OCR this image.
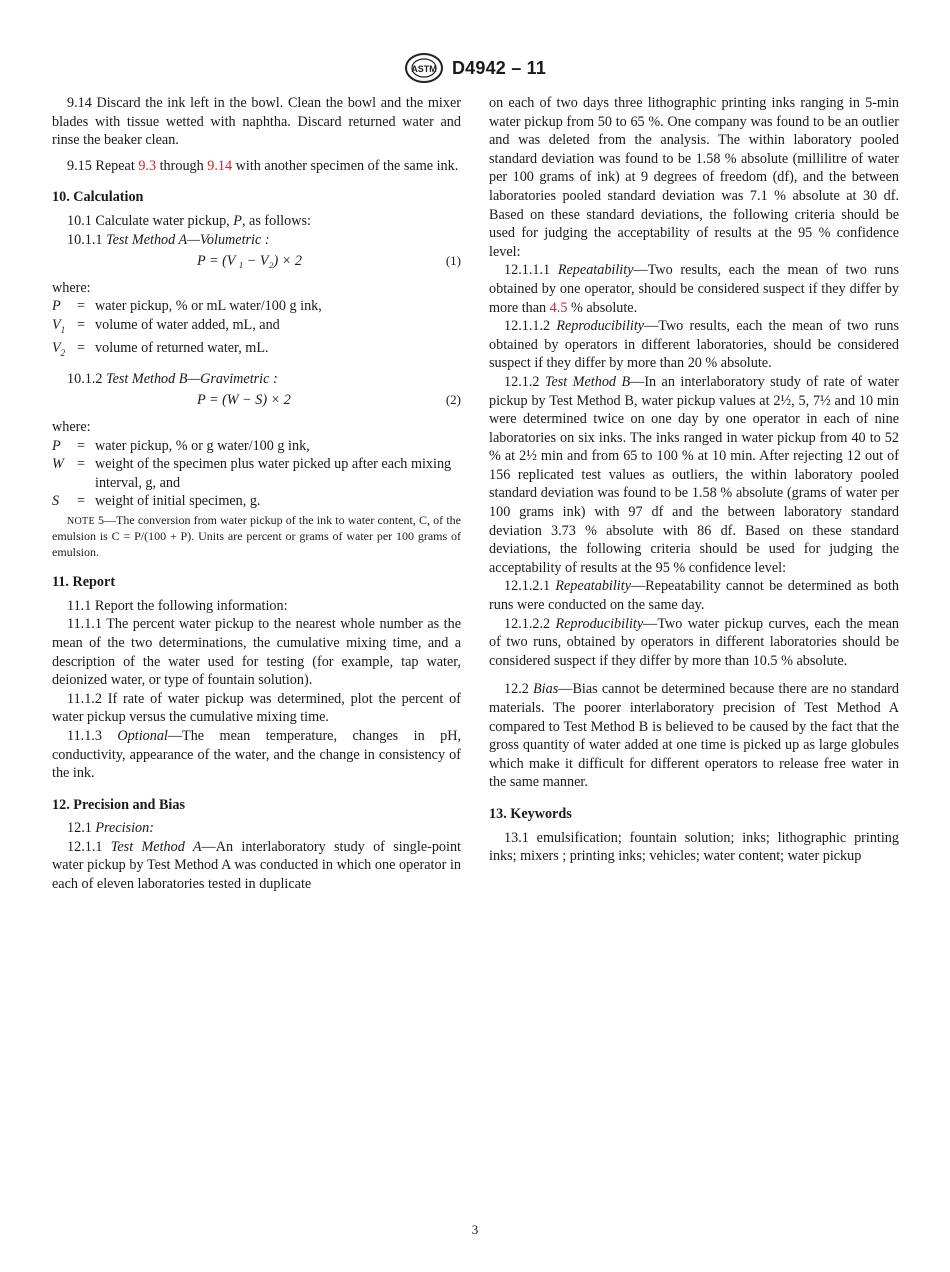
ASTM D4942 – 11

9.14 Discard the ink left in the bowl. Clean the bowl and the mixer blades with tissue wetted with naphtha. Discard returned water and rinse the beaker clean.

9.15 Repeat 9.3 through 9.14 with another specimen of the same ink.

10. Calculation

10.1 Calculate water pickup, P, as follows:

10.1.1 Test Method A—Volumetric :

P = (V ₁ − V₂) × 2	(1)

where:

P	= water pickup, % or mL water/100 g ink,
$V_1$ = volume of water added, mL, and
$V_2$ = volume of returned water, mL.

10.1.2 Test Method B—Gravimetric :

P = (W − S) × 2	(2)

where:

P	= water pickup, % or g water/100 g ink,
W = weight of the specimen plus water picked up after each mixing interval, g, and
S	= weight of initial specimen, g.

NOTE 5—The conversion from water pickup of the ink to water content, C, of the emulsion is C = P/(100 + P). Units are percent or grams of water per 100 grams of emulsion.

11. Report

11.1 Report the following information:

11.1.1 The percent water pickup to the nearest whole number as the mean of the two determinations, the cumulative mixing time, and a description of the water used for testing (for example, tap water, deionized water, or type of fountain solution).

11.1.2 If rate of water pickup was determined, plot the percent of water pickup versus the cumulative mixing time.

11.1.3 Optional—The mean temperature, changes in pH, conductivity, appearance of the water, and the change in consistency of the ink.

12. Precision and Bias

12.1 Precision:

12.1.1 Test Method A—An interlaboratory study of single-point water pickup by Test Method A was conducted in which one operator in each of eleven laboratories tested in duplicate

on each of two days three lithographic printing inks ranging in 5-min water pickup from 50 to 65 %. One company was found to be an outlier and was deleted from the analysis. The within laboratory pooled standard deviation was found to be 1.58 % absolute (millilitre of water per 100 grams of ink) at 9 degrees of freedom (df), and the between laboratories pooled standard deviation was 7.1 % absolute at 30 df. Based on these standard deviations, the following criteria should be used for judging the acceptability of results at the 95 % confidence level:

12.1.1.1 Repeatability—Two results, each the mean of two runs obtained by one operator, should be considered suspect if they differ by more than 4.5 % absolute.

12.1.1.2 Reproducibility—Two results, each the mean of two runs obtained by operators in different laboratories, should be considered suspect if they differ by more than 20 % absolute.

12.1.2 Test Method B—In an interlaboratory study of rate of water pickup by Test Method B, water pickup values at 2½, 5, 7½ and 10 min were determined twice on one day by one operator in each of nine laboratories on six inks. The inks ranged in water pickup from 40 to 52 % at 2½ min and from 65 to 100 % at 10 min. After rejecting 12 out of 156 replicated test values as outliers, the within laboratory pooled standard deviation was found to be 1.58 % absolute (grams of water per 100 grams ink) with 97 df and the between laboratory standard deviation 3.73 % absolute with 86 df. Based on these standard deviations, the following criteria should be used for judging the acceptability of results at the 95 % confidence level:

12.1.2.1 Repeatability—Repeatability cannot be determined as both runs were conducted on the same day.

12.1.2.2 Reproducibility—Two water pickup curves, each the mean of two runs, obtained by operators in different laboratories should be considered suspect if they differ by more than 10.5 % absolute.

12.2 Bias—Bias cannot be determined because there are no standard materials. The poorer interlaboratory precision of Test Method A compared to Test Method B is believed to be caused by the fact that the gross quantity of water added at one time is picked up as large globules which make it difficult for different operators to release free water in the same manner.

13. Keywords

13.1 emulsification; fountain solution; inks; lithographic printing inks; mixers ; printing inks; vehicles; water content; water pickup

3
